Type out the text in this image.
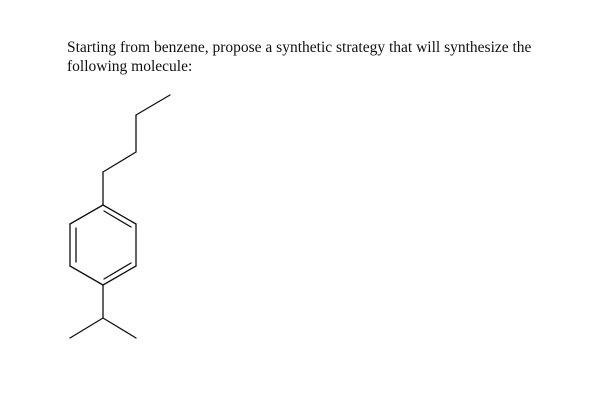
Starting from benzene, propose a synthetic strategy that will synthesize the following molecule:
